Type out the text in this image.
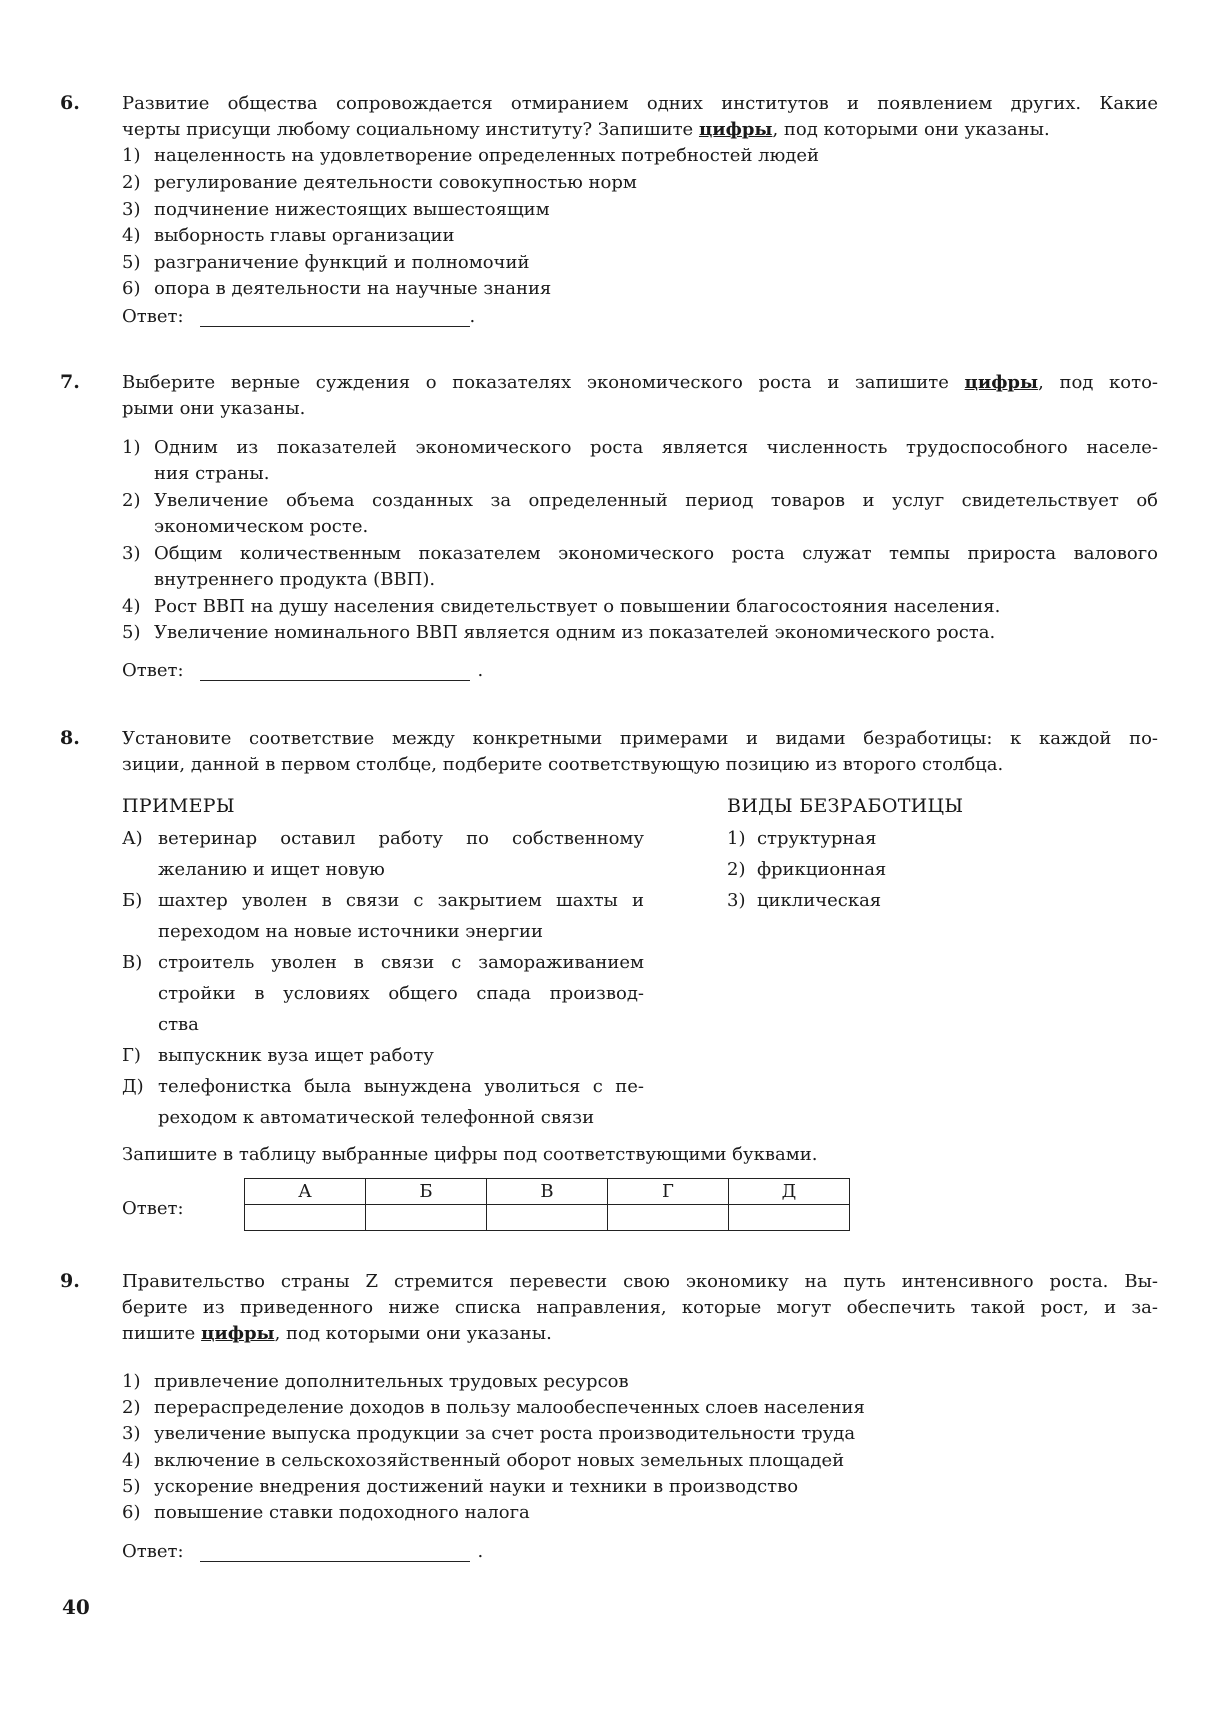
6. Развитие общества сопровождается отмиранием одних институтов и появлением других. Какие
черты присущи любому социальному институту? Запишите цифры, под которыми они указаны.
1) нацеленность на удовлетворение определенных потребностей людей
2) регулирование деятельности совокупностью норм
3) подчинение нижестоящих вышестоящим
4) выборность главы организации
5) разграничение функций и полномочий
6) опора в деятельности на научные знания
Ответ:	.
7. Выберите верные суждения о показателях экономического роста и запишите цифры, под кото-
рыми они указаны.
1) Одним из показателей экономического роста является численность трудоспособного населе-
ния страны.
2) Увеличение объема созданных за определенный период товаров и услуг свидетельствует об
экономическом росте.
3) Общим количественным показателем экономического роста служат темпы прироста валового
внутреннего продукта (ВВП).
4) Рост ВВП на душу населения свидетельствует о повышении благосостояния населения.
5) Увеличение номинального ВВП является одним из показателей экономического роста.
Ответ:	.
8. Установите соответствие между конкретными примерами и видами безработицы: к каждой по-
зиции, данной в первом столбце, подберите соответствующую позицию из второго столбца.
ПРИМЕРЫ	ВИДЫ БЕЗРАБОТИЦЫ
А) ветеринар оставил работу по собственному
желанию и ищет новую
Б) шахтер уволен в связи с закрытием шахты и
переходом на новые источники энергии
В) строитель уволен в связи с замораживанием
стройки в условиях общего спада производ-
ства
Г) выпускник вуза ищет работу
Д) телефонистка была вынуждена уволиться с пе-
реходом к автоматической телефонной связи
1) структурная
2) фрикционная
3) циклическая
Запишите в таблицу выбранные цифры под соответствующими буквами.
Ответ:
А	Б	В	Г	Д

9. Правительство страны Z стремится перевести свою экономику на путь интенсивного роста. Вы-
берите из приведенного ниже списка направления, которые могут обеспечить такой рост, и за-
пишите цифры, под которыми они указаны.
1) привлечение дополнительных трудовых ресурсов
2) перераспределение доходов в пользу малообеспеченных слоев населения
3) увеличение выпуска продукции за счет роста производительности труда
4) включение в сельскохозяйственный оборот новых земельных площадей
5) ускорение внедрения достижений науки и техники в производство
6) повышение ставки подоходного налога
Ответ:	.
40
